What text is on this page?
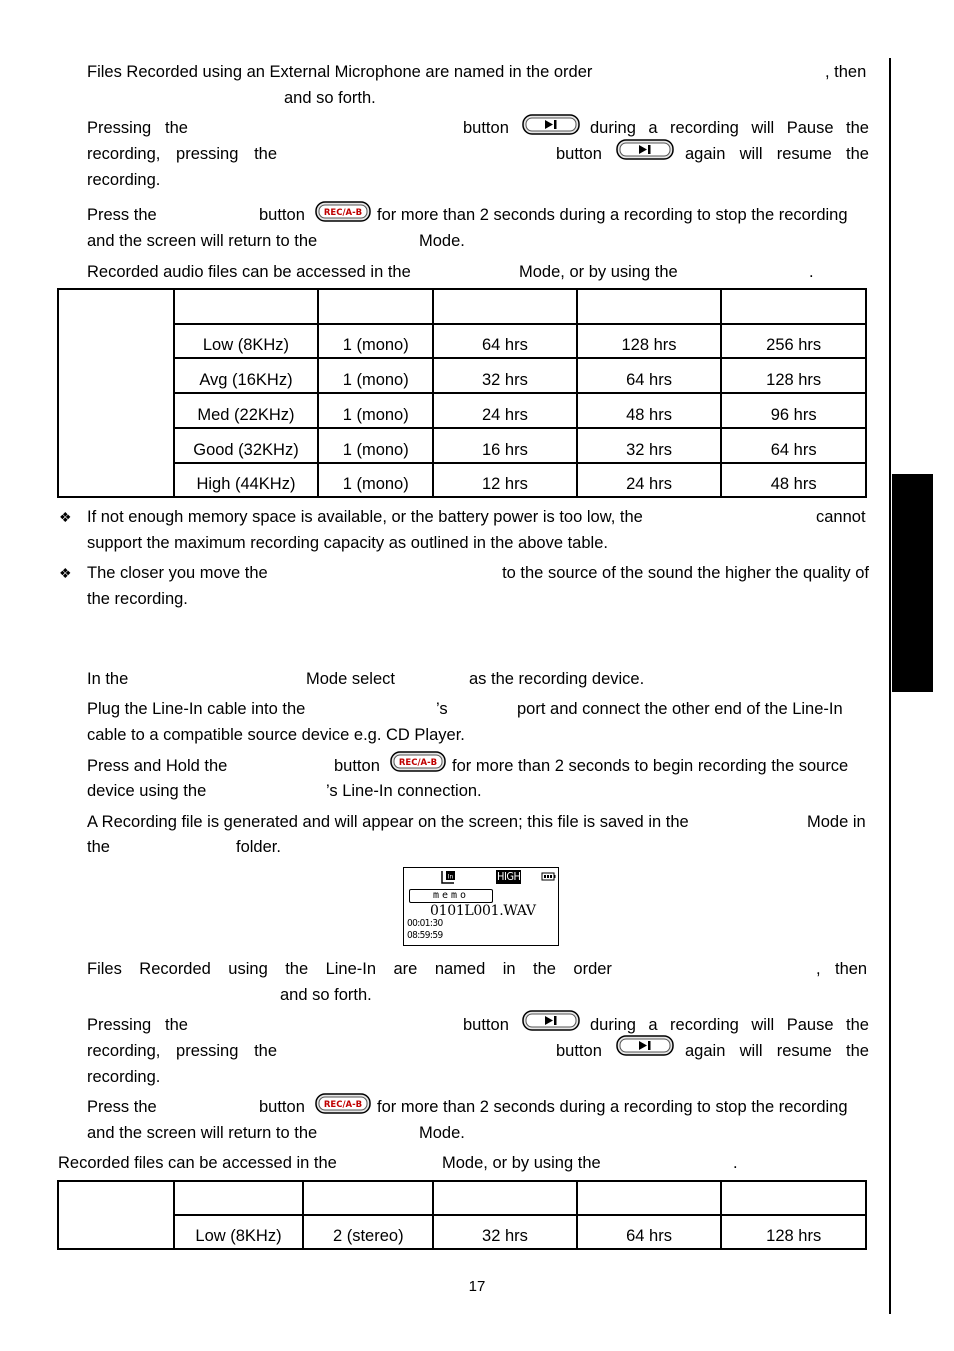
Files Recorded using an External Microphone are named in the order	, then
and so forth.
Pressing the	button	during a recording will Pause the
recording, pressing the	button	again will resume the
recording.
Press the	button REC/A-B for more than 2 seconds during a recording to stop the recording
and the screen will return to the	Mode.
Recorded audio files can be accessed in the	Mode, or by using the	.

	Low (8KHz)	1 (mono)	64 hrs	128 hrs	256 hrs
	Avg (16KHz)	1 (mono)	32 hrs	64 hrs	128 hrs
	Med (22KHz)	1 (mono)	24 hrs	48 hrs	96 hrs
	Good (32KHz)	1 (mono)	16 hrs	32 hrs	64 hrs
	High (44KHz)	1 (mono)	12 hrs	24 hrs	48 hrs
❖ If not enough memory space is available, or the battery power is too low, the	cannot
support the maximum recording capacity as outlined in the above table.
❖ The closer you move the	to the source of the sound the higher the quality of
the recording.
In the	Mode select	as the recording device.
Plug the Line-In cable into the	’s	port and connect the other end of the Line-In
cable to a compatible source device e.g. CD Player.
Press and Hold the	button REC/A-B for more than 2 seconds to begin recording the source
device using the	’s Line-In connection.
A Recording file is generated and will appear on the screen; this file is saved in the	Mode in
the	folder.
In	HIGH
memo
0101L001.WAV
00:01:30
08:59:59
Files Recorded using the Line-In are named in the order	, then
and so forth.
Pressing the	button	during a recording will Pause the
recording, pressing the	button	again will resume the
recording.
Press the	button REC/A-B for more than 2 seconds during a recording to stop the recording
and the screen will return to the	Mode.
Recorded files can be accessed in the	Mode, or by using the	.

	Low (8KHz)	2 (stereo)	32 hrs	64 hrs	128 hrs
17
